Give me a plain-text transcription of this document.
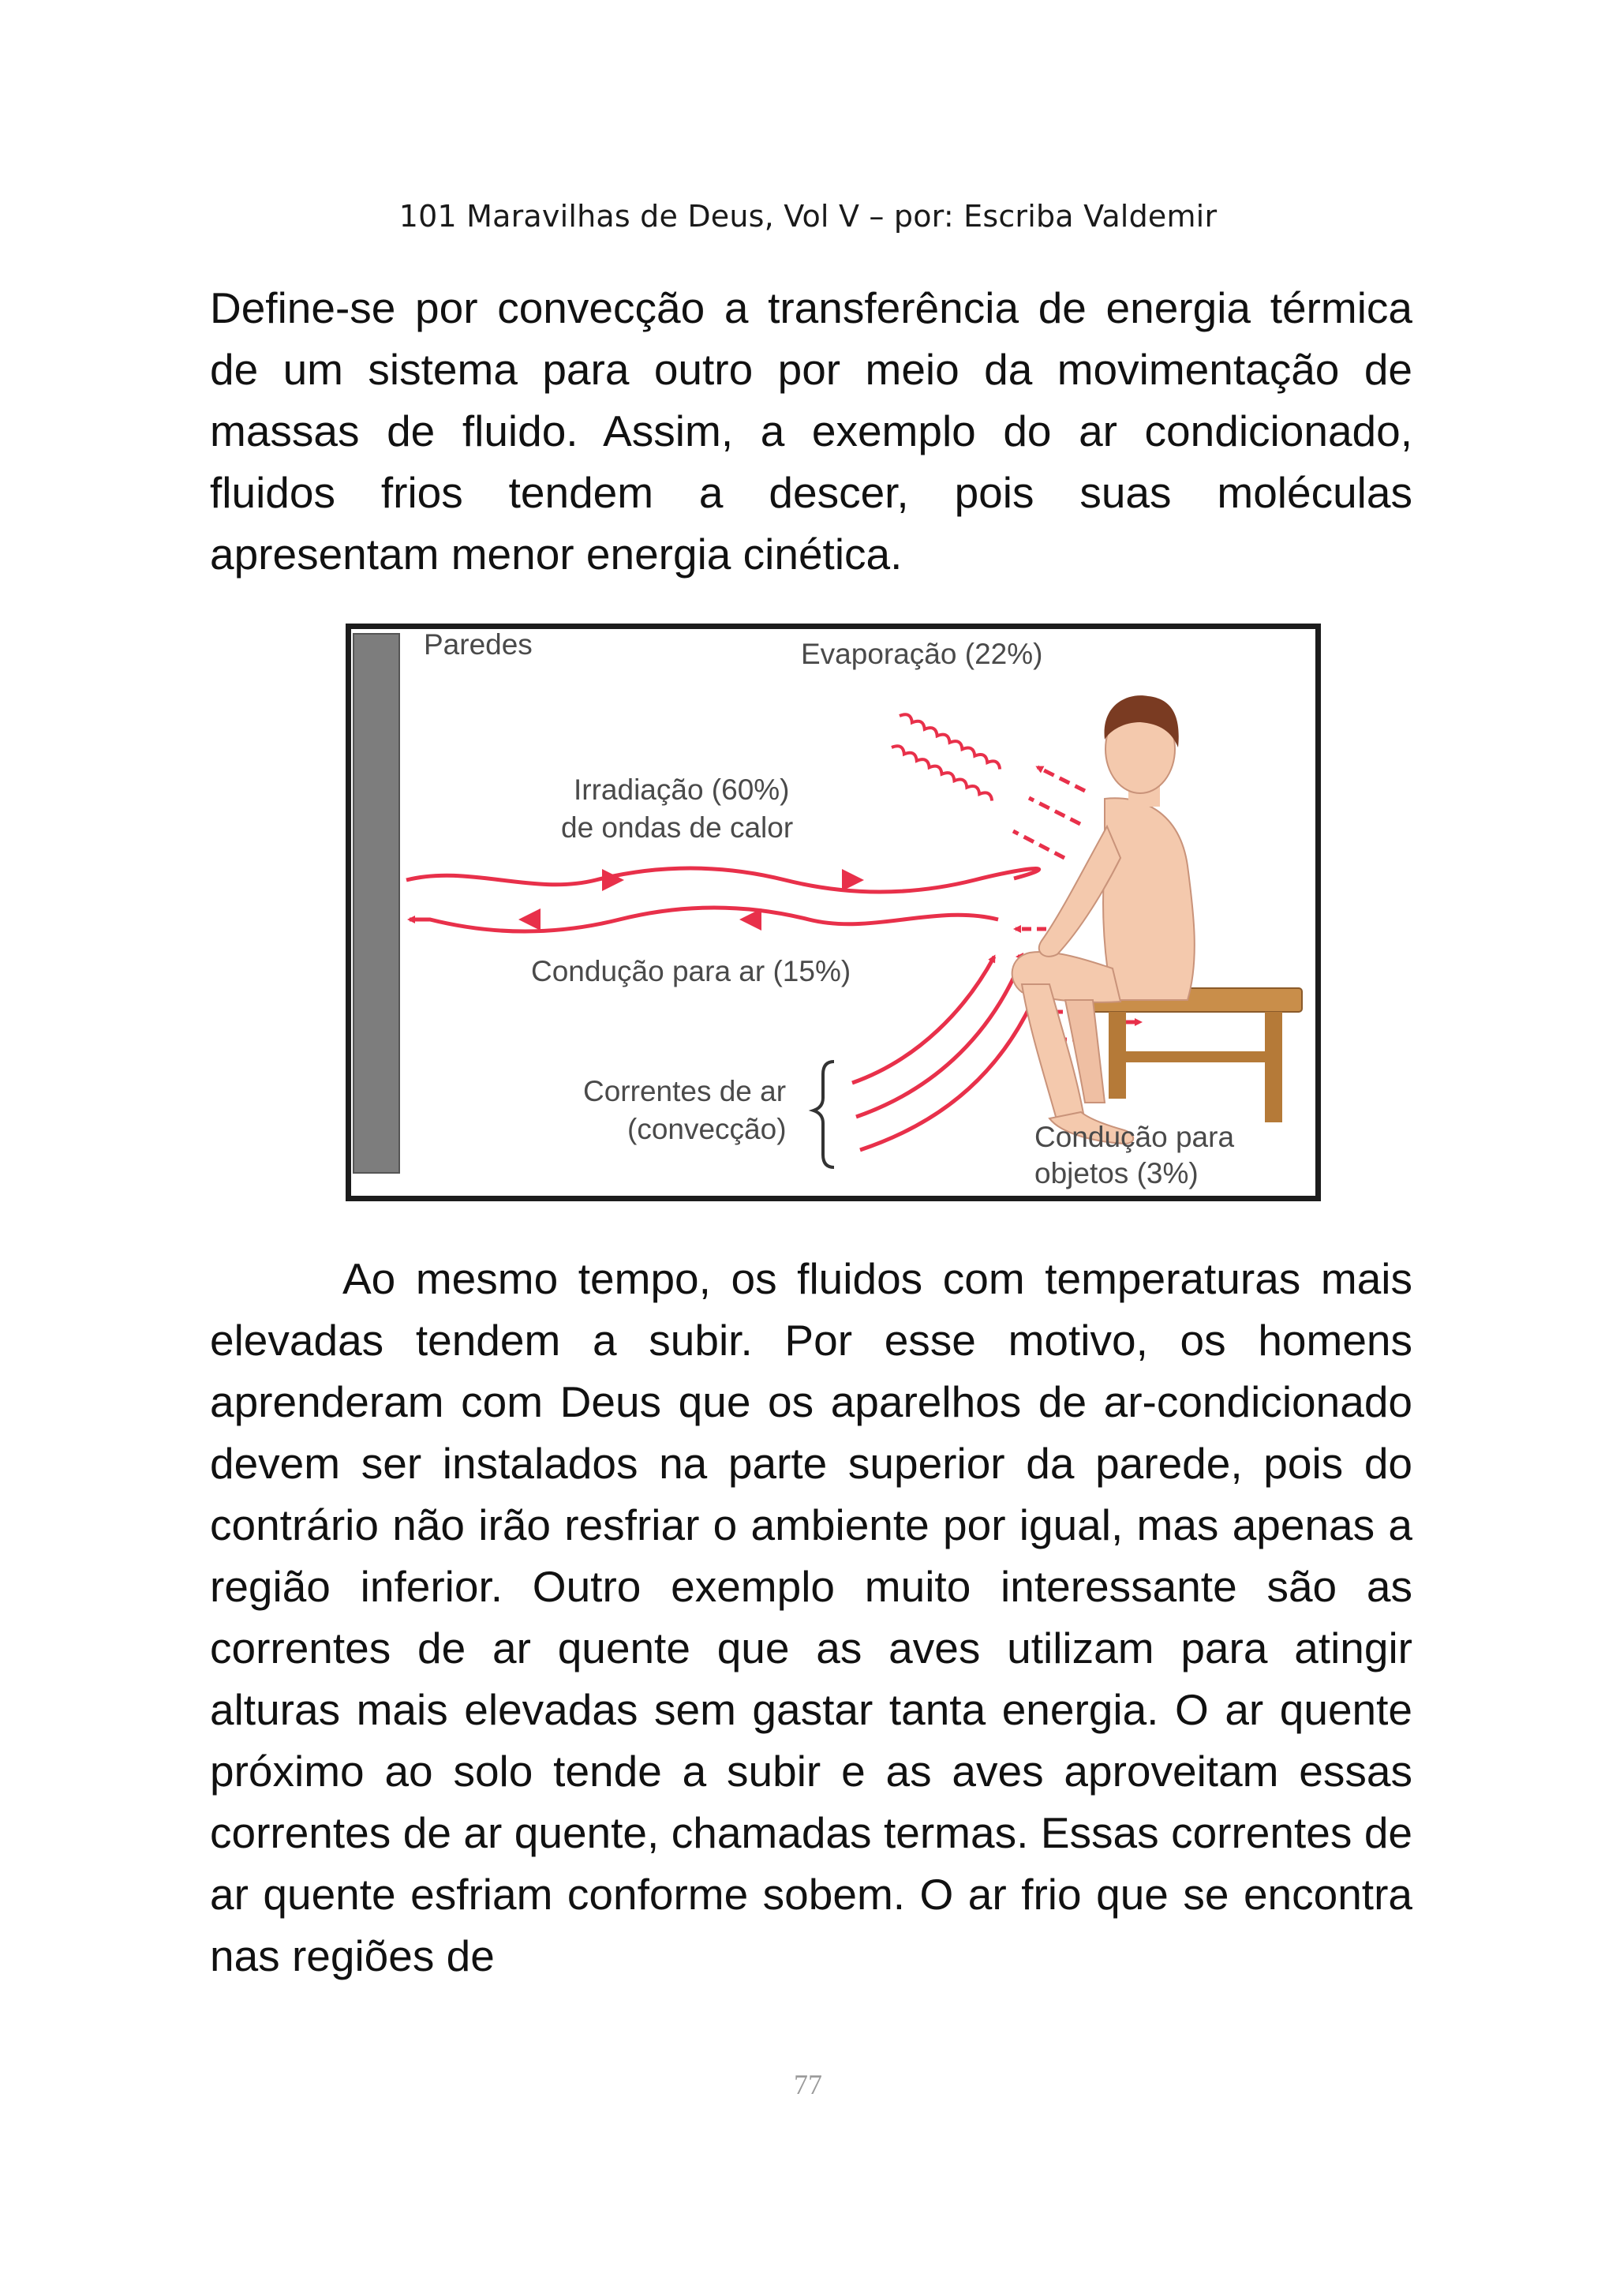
101 Maravilhas de Deus, Vol V – por: Escriba Valdemir

Define-se por convecção a transferência de energia térmica de um sistema para outro por meio da movimentação de massas de fluido. Assim, a exemplo do ar condicionado, fluidos frios tendem a descer, pois suas moléculas apresentam menor energia cinética.

Paredes	Evaporação (22%)
Irradiação (60%)
de ondas de calor
Condução para ar (15%)
Correntes de ar
(convecção)	Condução para
objetos (3%)

Ao mesmo tempo, os fluidos com temperaturas mais elevadas tendem a subir. Por esse motivo, os homens aprenderam com Deus que os aparelhos de ar-condicionado devem ser instalados na parte superior da parede, pois do contrário não irão resfriar o ambiente por igual, mas apenas a região inferior. Outro exemplo muito interessante são as correntes de ar quente que as aves utilizam para atingir alturas mais elevadas sem gastar tanta energia. O ar quente próximo ao solo tende a subir e as aves aproveitam essas correntes de ar quente, chamadas termas. Essas correntes de ar quente esfriam conforme sobem. O ar frio que se encontra nas regiões de

77
